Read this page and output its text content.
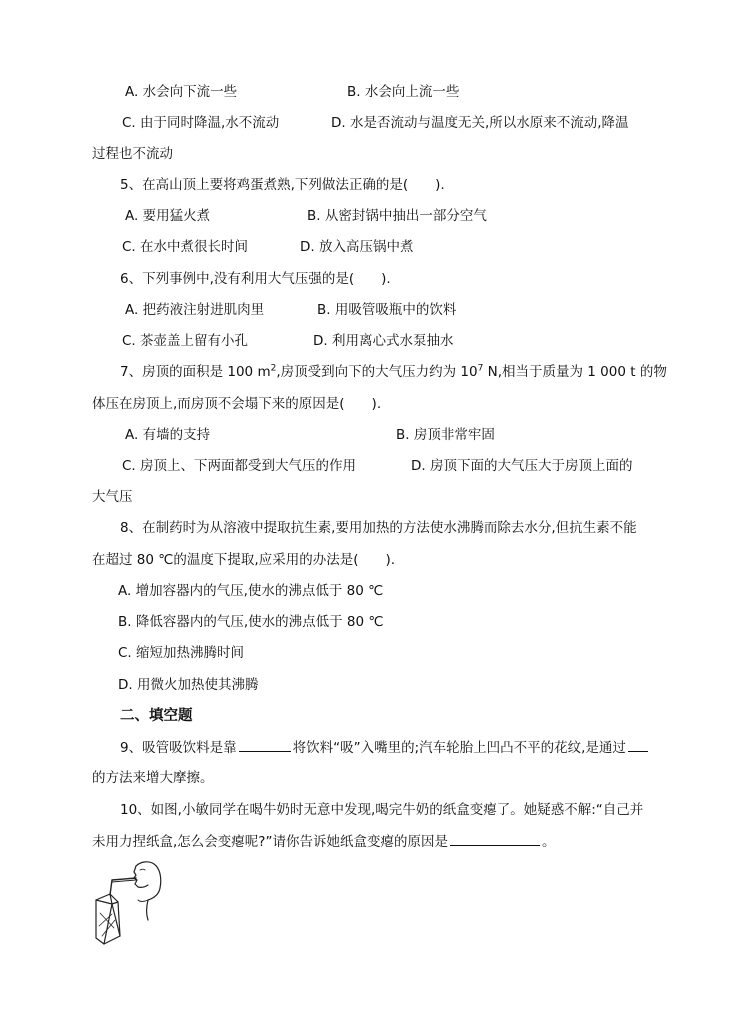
A. 水会向下流一些	B. 水会向上流一些
C. 由于同时降温,水不流动	D. 水是否流动与温度无关,所以水原来不流动,降温
过程也不流动
5、在高山顶上要将鸡蛋煮熟,下列做法正确的是(　　).
A. 要用猛火煮	B. 从密封锅中抽出一部分空气
C. 在水中煮很长时间	D. 放入高压锅中煮
6、下列事例中,没有利用大气压强的是(　　).
A. 把药液注射进肌肉里	B. 用吸管吸瓶中的饮料
C. 茶壶盖上留有小孔	D. 利用离心式水泵抽水
7、房顶的面积是 100 $m^2$,房顶受到向下的大气压力约为 $10^7$ N,相当于质量为 1 000 t 的物
体压在房顶上,而房顶不会塌下来的原因是(　　).
A. 有墙的支持	B. 房顶非常牢固
C. 房顶上、下两面都受到大气压的作用	D. 房顶下面的大气压大于房顶上面的
大气压
8、在制药时为从溶液中提取抗生素,要用加热的方法使水沸腾而除去水分,但抗生素不能
在超过 80 ℃的温度下提取,应采用的办法是(　　).
A. 增加容器内的气压,使水的沸点低于 80 ℃
B. 降低容器内的气压,使水的沸点低于 80 ℃
C. 缩短加热沸腾时间
D. 用微火加热使其沸腾
二、填空题
9、吸管吸饮料是靠	将饮料“吸”入嘴里的;汽车轮胎上凹凸不平的花纹,是通过
的方法来增大摩擦。
10、如图,小敏同学在喝牛奶时无意中发现,喝完牛奶的纸盒变瘪了。她疑惑不解:“自己并
未用力捏纸盒,怎么会变瘪呢?”请你告诉她纸盒变瘪的原因是	。
